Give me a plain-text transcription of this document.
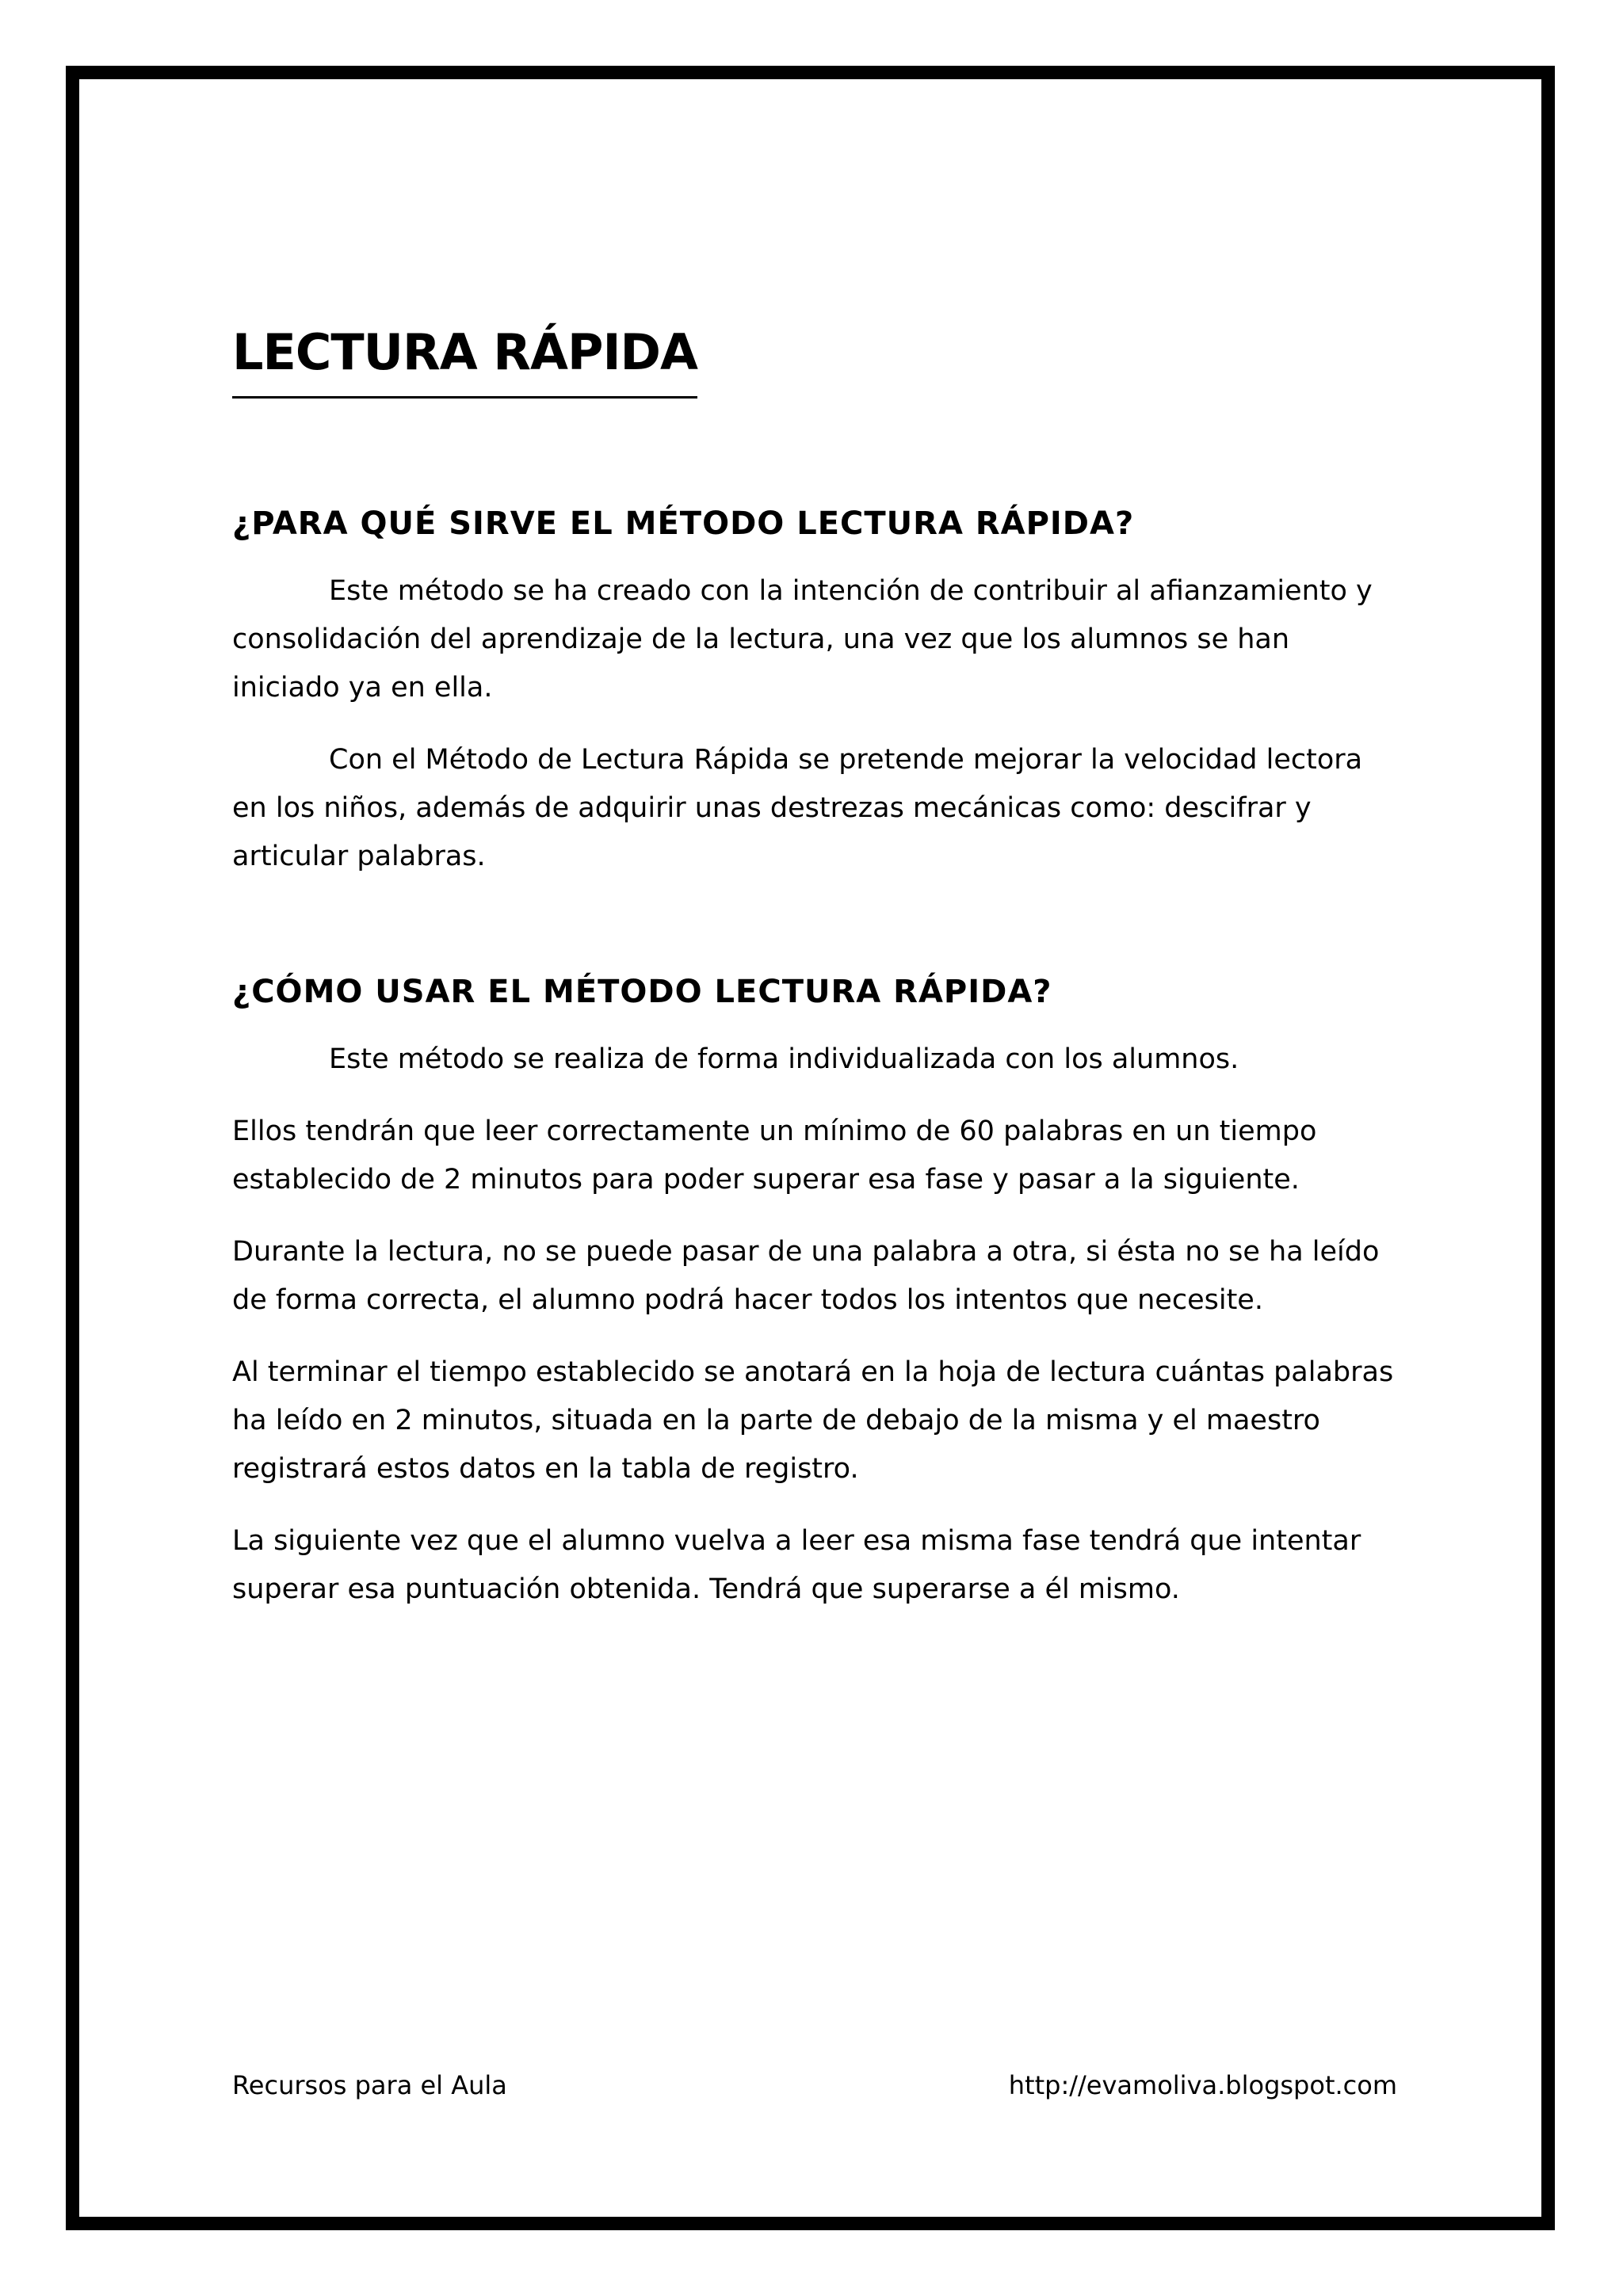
LECTURA RÁPIDA
¿PARA QUÉ SIRVE EL MÉTODO LECTURA RÁPIDA?

Este método se ha creado con la intención de contribuir al afianzamiento y consolidación del aprendizaje de la lectura, una vez que los alumnos se han iniciado ya en ella.

Con el Método de Lectura Rápida se pretende mejorar la velocidad lectora en los niños, además de adquirir unas destrezas mecánicas como: descifrar y articular palabras.

¿CÓMO USAR EL MÉTODO LECTURA RÁPIDA?

Este método se realiza de forma individualizada con los alumnos.

Ellos tendrán que leer correctamente un mínimo de 60 palabras en un tiempo establecido de 2 minutos para poder superar esa fase y pasar a la siguiente.

Durante la lectura, no se puede pasar de una palabra a otra, si ésta no se ha leído de forma correcta, el alumno podrá hacer todos los intentos que necesite.

Al terminar el tiempo establecido se anotará en la hoja de lectura cuántas palabras ha leído en 2 minutos, situada en la parte de debajo de la misma y el maestro registrará estos datos en la tabla de registro.

La siguiente vez que el alumno vuelva a leer esa misma fase tendrá que intentar superar esa puntuación obtenida. Tendrá que superarse a él mismo.

Recursos para el Aula	http://evamoliva.blogspot.com
